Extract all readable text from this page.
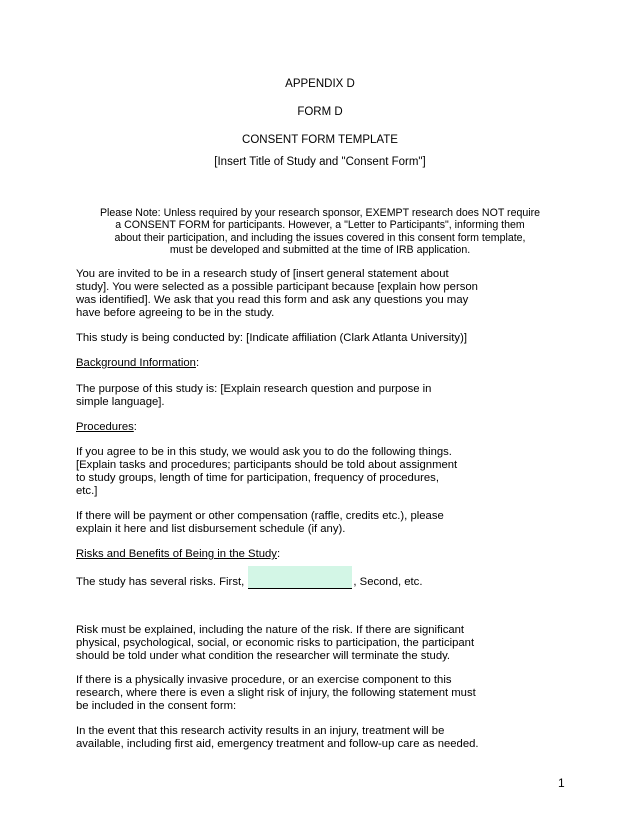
APPENDIX D
FORM D
CONSENT FORM TEMPLATE
[Insert Title of Study and "Consent Form"]
Please Note: Unless required by your research sponsor, EXEMPT research does NOT require
a CONSENT FORM for participants. However, a "Letter to Participants", informing them
about their participation, and including the issues covered in this consent form template,
must be developed and submitted at the time of IRB application.
You are invited to be in a research study of [insert general statement about
study]. You were selected as a possible participant because [explain how person
was identified]. We ask that you read this form and ask any questions you may
have before agreeing to be in the study.
This study is being conducted by: [Indicate affiliation (Clark Atlanta University)]
Background Information:
The purpose of this study is: [Explain research question and purpose in
simple language].
Procedures:
If you agree to be in this study, we would ask you to do the following things.
[Explain tasks and procedures; participants should be told about assignment
to study groups, length of time for participation, frequency of procedures,
etc.]
If there will be payment or other compensation (raffle, credits etc.), please
explain it here and list disbursement schedule (if any).
Risks and Benefits of Being in the Study:
The study has several risks. First,	, Second, etc.
Risk must be explained, including the nature of the risk. If there are significant
physical, psychological, social, or economic risks to participation, the participant
should be told under what condition the researcher will terminate the study.
If there is a physically invasive procedure, or an exercise component to this
research, where there is even a slight risk of injury, the following statement must
be included in the consent form:
In the event that this research activity results in an injury, treatment will be
available, including first aid, emergency treatment and follow-up care as needed.
1
